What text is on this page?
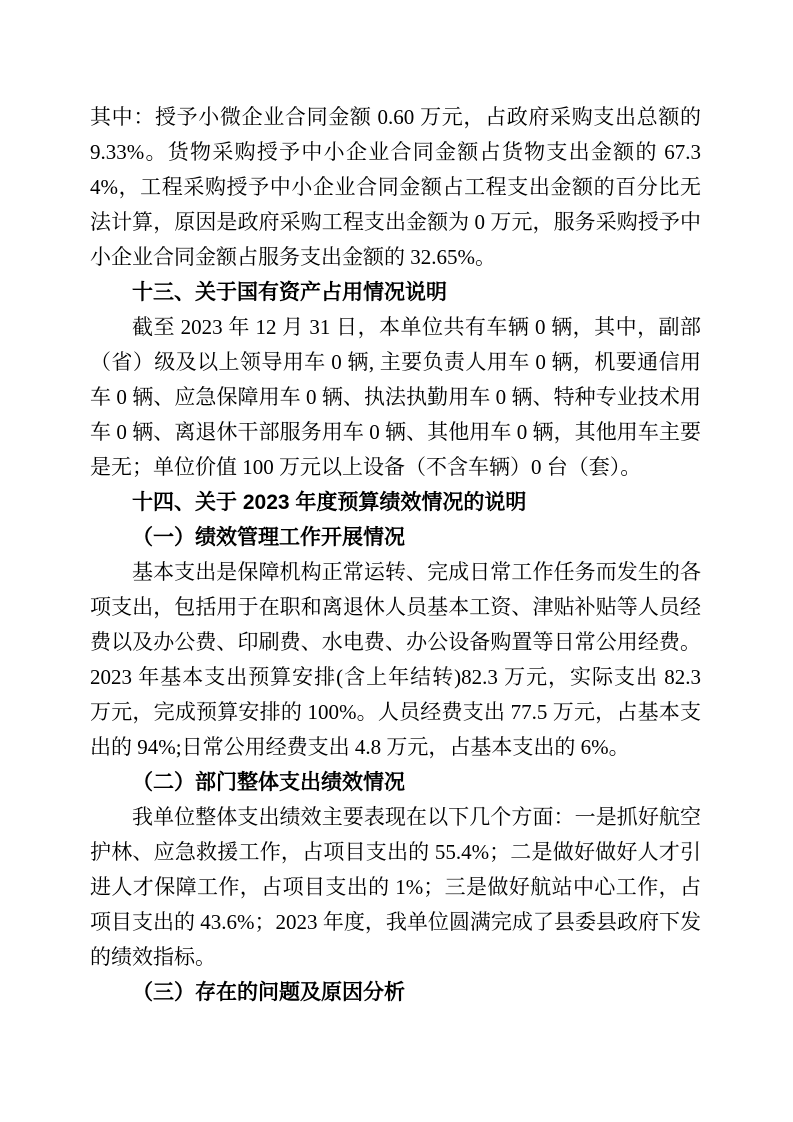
其中：授予小微企业合同金额 0.60 万元，占政府采购支出总额的 9.33%。货物采购授予中小企业合同金额占货物支出金额的 67.34%，工程采购授予中小企业合同金额占工程支出金额的百分比无法计算，原因是政府采购工程支出金额为 0 万元，服务采购授予中小企业合同金额占服务支出金额的 32.65%。

十三、关于国有资产占用情况说明

截至 2023 年 12 月 31 日，本单位共有车辆 0 辆，其中，副部（省）级及以上领导用车 0 辆, 主要负责人用车 0 辆，机要通信用车 0 辆、应急保障用车 0 辆、执法执勤用车 0 辆、特种专业技术用车 0 辆、离退休干部服务用车 0 辆、其他用车 0 辆，其他用车主要是无；单位价值 100 万元以上设备（不含车辆）0 台（套）。

十四、关于 2023 年度预算绩效情况的说明

（一）绩效管理工作开展情况

基本支出是保障机构正常运转、完成日常工作任务而发生的各项支出，包括用于在职和离退休人员基本工资、津贴补贴等人员经费以及办公费、印刷费、水电费、办公设备购置等日常公用经费。2023 年基本支出预算安排(含上年结转)82.3 万元，实际支出 82.3 万元，完成预算安排的 100%。人员经费支出 77.5 万元，占基本支出的 94%;日常公用经费支出 4.8 万元，占基本支出的 6%。

（二）部门整体支出绩效情况

我单位整体支出绩效主要表现在以下几个方面：一是抓好航空护林、应急救援工作，占项目支出的 55.4%；二是做好做好人才引进人才保障工作，占项目支出的 1%；三是做好航站中心工作，占项目支出的 43.6%；2023 年度，我单位圆满完成了县委县政府下发的绩效指标。

（三）存在的问题及原因分析
